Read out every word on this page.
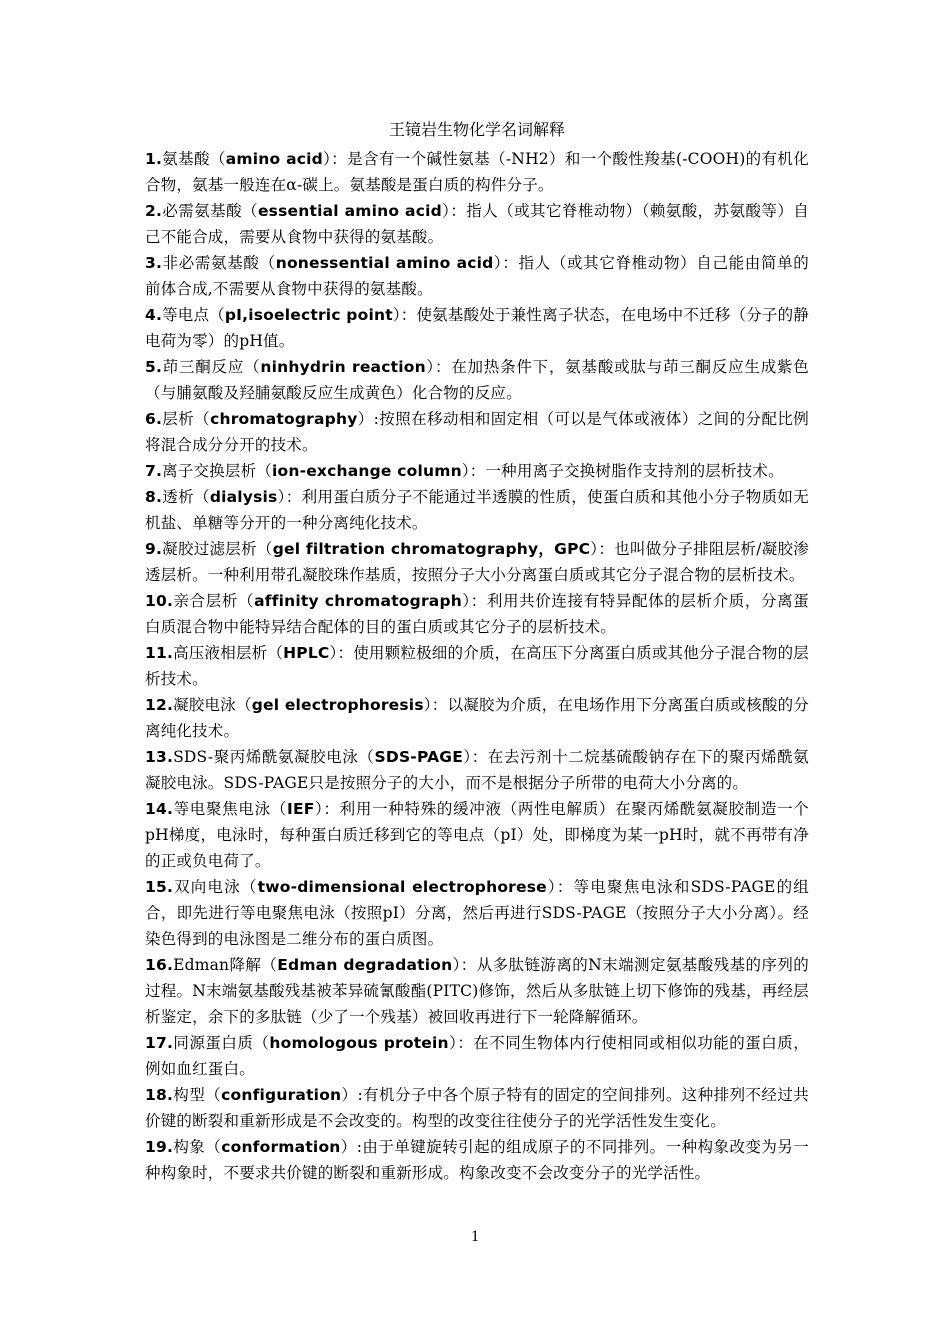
王镜岩生物化学名词解释

1.氨基酸（amino acid）：是含有一个碱性氨基（-NH2）和一个酸性羧基(-COOH)的有机化合物，氨基一般连在α-碳上。氨基酸是蛋白质的构件分子。

2.必需氨基酸（essential amino acid）：指人（或其它脊椎动物）（赖氨酸，苏氨酸等）自己不能合成，需要从食物中获得的氨基酸。

3.非必需氨基酸（nonessential amino acid）：指人（或其它脊椎动物）自己能由简单的前体合成,不需要从食物中获得的氨基酸。

4.等电点（pI,isoelectric point）：使氨基酸处于兼性离子状态，在电场中不迁移（分子的静电荷为零）的pH值。

5.茚三酮反应（ninhydrin reaction）：在加热条件下，氨基酸或肽与茚三酮反应生成紫色（与脯氨酸及羟脯氨酸反应生成黄色）化合物的反应。

6.层析（chromatography）:按照在移动相和固定相（可以是气体或液体）之间的分配比例将混合成分分开的技术。

7.离子交换层析（ion-exchange column）：一种用离子交换树脂作支持剂的层析技术。

8.透析（dialysis）：利用蛋白质分子不能通过半透膜的性质，使蛋白质和其他小分子物质如无机盐、单糖等分开的一种分离纯化技术。

9.凝胶过滤层析（gel filtration chromatography，GPC）：也叫做分子排阻层析/凝胶渗透层析。一种利用带孔凝胶珠作基质，按照分子大小分离蛋白质或其它分子混合物的层析技术。

10.亲合层析（affinity chromatograph）：利用共价连接有特异配体的层析介质，分离蛋白质混合物中能特异结合配体的目的蛋白质或其它分子的层析技术。

11.高压液相层析（HPLC）：使用颗粒极细的介质，在高压下分离蛋白质或其他分子混合物的层析技术。

12.凝胶电泳（gel electrophoresis）：以凝胶为介质，在电场作用下分离蛋白质或核酸的分离纯化技术。

13.SDS-聚丙烯酰氨凝胶电泳（SDS-PAGE）：在去污剂十二烷基硫酸钠存在下的聚丙烯酰氨凝胶电泳。SDS-PAGE只是按照分子的大小，而不是根据分子所带的电荷大小分离的。

14.等电聚焦电泳（IEF）：利用一种特殊的缓冲液（两性电解质）在聚丙烯酰氨凝胶制造一个pH梯度，电泳时，每种蛋白质迁移到它的等电点（pI）处，即梯度为某一pH时，就不再带有净的正或负电荷了。

15.双向电泳（two-dimensional electrophorese）：等电聚焦电泳和SDS-PAGE的组合，即先进行等电聚焦电泳（按照pI）分离，然后再进行SDS-PAGE（按照分子大小分离）。经染色得到的电泳图是二维分布的蛋白质图。

16.Edman降解（Edman degradation）：从多肽链游离的N末端测定氨基酸残基的序列的过程。N末端氨基酸残基被苯异硫氰酸酯(PITC)修饰，然后从多肽链上切下修饰的残基，再经层析鉴定，余下的多肽链（少了一个残基）被回收再进行下一轮降解循环。

17.同源蛋白质（homologous protein）：在不同生物体内行使相同或相似功能的蛋白质，例如血红蛋白。

18.构型（configuration）:有机分子中各个原子特有的固定的空间排列。这种排列不经过共价键的断裂和重新形成是不会改变的。构型的改变往往使分子的光学活性发生变化。

19.构象（conformation）:由于单键旋转引起的组成原子的不同排列。一种构象改变为另一种构象时，不要求共价键的断裂和重新形成。构象改变不会改变分子的光学活性。

1
